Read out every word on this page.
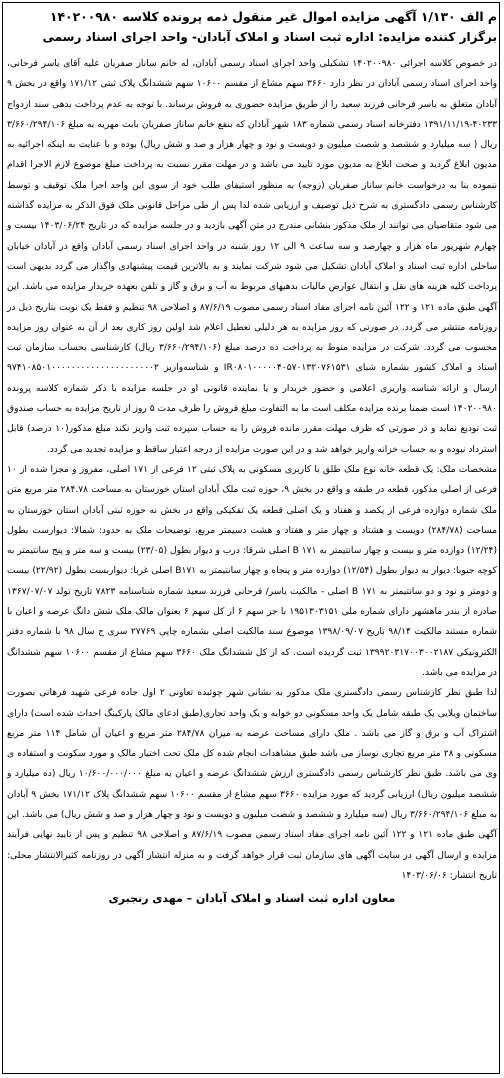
م الف ۱/۱۳۰ آگهی مزایده اموال غیر منقول ذمه پرونده کلاسه ۱۴۰۲۰۰۹۸۰
برگزار کننده مزایده: اداره ثبت اسناد و املاک آبادان- واحد اجرای اسناد رسمی

در خصوص کلاسه اجرائی ۱۴۰۲۰۰۹۸۰ تشکیلی واحد اجرای اسناد رسمی آبادان، له خانم ساناز صفریان علیه آقای یاسر فرحانی، واحد اجرای اسناد رسمی آبادان در نظر دارد ۳۶۶۰ سهم مشاع از مقسم ۱۰۶۰۰ سهم ششدانگ پلاک ثبتی ۱۷۱/۱۲ واقع در بخش ۹ آبادان متعلق به یاسر فرحانی فرزند سعید را از طریق مزایده حضوری به فروش برساند. با توجه به عدم پرداخت بدهی سند ازدواج ۴۰۲۳۳-۱۳۹۱/۱۱/۱۹ دفترخانه اسناد رسمی شماره ۱۸۳ شهر آبادان که بنفع خانم ساناز صفریان بابت مهریه به مبلغ ۳/۶۶۰/۲۹۴/۱۰۶ ریال ( سه میلیارد و ششصد و شصت میلیون و دویست و نود و چهار هزار و صد و شش ریال) بوده و با عنایت به اینکه اجرائیه به مدیون ابلاغ گردید و صحت ابلاغ به مدیون مورد تایید می باشد و در مهلت مقرر نسبت به پرداخت مبلغ موضوع لازم الاجرا اقدام ننموده بنا به درخواست خانم ساناز صفریان (زوجه) به منظور استیفای طلب خود از سوی این واحد اجرا ملک توقیف و توسط کارشناس رسمی دادگستری به شرح ذیل توصیف و ارزیابی شده لذا پس از طی مراحل قانونی ملک فوق الذکر به مزایده گذاشته می شود متقاضیان می توانند از ملک مذکور بنشانی مندرج در متن آگهی بازدید و در جلسه مزایده که در تاریخ ۱۴۰۳/۰۶/۲۴ بیست و چهارم شهریور ماه هزار و چهارصد و سه ساعت ۹ الی ۱۲ روز شنبه در واحد اجرای اسناد رسمی آبادان واقع در آبادان خیابان ساحلی اداره ثبت اسناد و املاک آبادان تشکیل می شود شرکت نمایند و به بالاترین قیمت پیشنهادی واگذار می گردد بدیهی است پرداخت کلیه هزینه های نقل و انتقال عوارض مالیات بدهیهای مربوط به آب و برق و گاز و تلفن بعهده خریدار مزایده می باشد. این آگهی طبق ماده ۱۲۱ و ۱۲۲ آئین نامه اجرای مفاد اسناد رسمی مصوب ۸۷/۶/۱۹ و اصلاحی ۹۸ تنظیم و فقط یک نوبت بتاریخ ذیل در روزنامه منتشر می گردد. در صورتی که روز مزایده به هر دلیلی تعطیل اعلام شد اولین روز کاری بعد از آن به عنوان روز مزایده محسوب می گردد. شرکت در مزایده منوط به پرداخت ده درصد مبلغ (۳/۶۶۰/۲۹۴/۱۰۶ ریال) کارشناسی بحساب سازمان ثبت اسناد و املاک کشور بشماره شبای IR۰۸۰۱۰۰۰۰۰۴۰۵۷۰۱۳۲۰۷۶۱۵۳۱ و شناسه‌واریز ۹۷۴۱۰۸۵۰۱۰۰۰۰۰۰۰۰۰۰۰۰۰۰۰۰۰۰۰۰۰۲ ارسال و ارائه شناسه واریزی اعلامی و حضور خریدار و یا نماینده قانونی او در جلسه مزایده با ذکر شماره کلاسه پرونده ۱۴۰۲۰۰۹۸۰ است ضمنا برنده مزایده مکلف است ما به التفاوت مبلغ فروش را ظرف مدت ۵ روز از تاریخ مزایده به حساب صندوق ثبت تودیع نماید و در صورتی که ظرف مهلت مقرر مانده فروش را به حساب سپرده ثبت واریز نکند مبلغ مذکور(۱۰ درصد) قابل استرداد نبوده و به حساب خزانه واریز خواهد شد و در این صورت مزایده از درجه اعتبار ساقط و مزایده تجدید می گردد.

مشخصات ملک: یک قطعه خانه نوع ملک طلق با کاربری مسکونی به پلاک ثبتی ۱۲ فرعی از ۱۷۱ اصلی، مفروز و مجزا شده از ۱۰ فرعی از اصلی مذکور، قطعه در طبقه و واقع در بخش ۹، حوزه ثبت ملک آبادان استان خوزستان به مساحت ۲۸۴.۷۸ متر مربع متن ملک شماره دوازده فرعی از یکصد و هفتاد و یک اصلی قطعه یک تفکیکی واقع در بخش نه حوزه ثبتی آبادان استان خوزستان به مساحت (۲۸۴/۷۸) دویست و هشتاد و چهار متر و هفتاد و هشت دسیمتر مربع، توضیحات ملک به حدود: شمالا: دیوارست بطول (۱۲/۲۴) دوازده متر و بیست و چهار سانتیمتر به B ۱۷۱ اصلی شرقا: درب و دیوار بطول (۲۳/۰۵) بیست و سه متر و پنج سانتیمتر به کوچه جنوبا: دیوار به دیوار بطول (۱۲/۵۴) دوازده متر و پنجاه و چهار سانتیمتر به B۱۷۱ اصلی غربا: دیواربست بطول (۲۲/۹۲) بیست و دومتر و نود و دو سانتیمتر به B ۱۷۱ اصلی - مالکیت یاسر/ فرحانی فرزند سعید شماره شناسنامه ۷۸۲۳ تاریخ تولد ۱۳۶۷/۰۷/۰۷ صادره از بندر ماهشهر دارای شماره ملی ۱۹۵۱۳۰۳۱۵۱ با جز سهم ۶ از کل سهم ۶ بعنوان مالک ملک شش دانگ عرصه و اعیان با شماره مستند مالکیت ۹۸/۱۴ تاریخ ۱۳۹۸/۰۹/۰۷ موضوع سند مالکیت اصلی بشماره چاپی ۲۷۷۶۹ سری ج سال ۹۸ با شماره دفتر الکترونیکی ۱۳۹۹۲۰۳۱۷۰۰۳۰۰۲۱۸۷ ثبت گردیده است. که از کل ششدانگ ملک ۳۶۶۰ سهم مشاع از مقسم ۱۰۶۰۰ سهم ششدانگ در مزایده می باشد.

لذا طبق نظر کارشناس رسمی دادگستری ملک مذکور به نشانی شهر چوئبده تعاونی ۲ اول جاده فرعی شهید فرهانی بصورت ساختمان ویلایی یک طبقه شامل یک واحد مسکونی دو خوابه و یک واحد تجاری(طبق ادعای مالک پارکینگ احداث شده است) دارای اشتراک آب و برق و گاز می باشد . ملک دارای مساحت عرصه به میزان ۲۸۴/۷۸ متر مربع و اعیان آن شامل ۱۱۴ متر مربع مسکونی و ۲۸ متر مربع تجاری نوساز می باشد طبق مشاهدات انجام شده کل ملک تحت اختیار مالک و مورد سکونت و استفاده ی وی می باشد. طبق نظر کارشناس رسمی دادگستری ارزش ششدانگ عرصه و اعیان به مبلغ ۱۰/۶۰۰/۰۰۰/۰۰۰ ریال (ده میلیارد و ششصد میلیون ریال) ارزیابی گردید که مورد مزایده ۳۶۶۰ سهم مشاع از مقسم ۱۰۶۰۰ سهم ششدانگ پلاک ۱۷۱/۱۲ بخش ۹ آبادان به مبلغ ۳/۶۶۰/۲۹۴/۱۰۶ ریال (سه میلیارد و ششصد و شصت میلیون و دویست و نود و چهار هزار و صد و شش ریال) می باشد. این آگهی طبق ماده ۱۲۱ و ۱۲۲ آئین نامه اجرای مفاد اسناد رسمی مصوب ۸۷/۶/۱۹ و اصلاحی ۹۸ تنظیم و پس از تایید نهایی فرآیند مزایده و ارسال آگهی در سایت آگهی های سازمان ثبت قرار خواهد گرفت و به منزله انتشار آگهی در روزنامه کثیرالانتشار محلی: تاریخ انتشار: ۱۴۰۳/۰۶/۰۶

معاون اداره ثبت اسناد و املاک آبادان – مهدی رنجبری
